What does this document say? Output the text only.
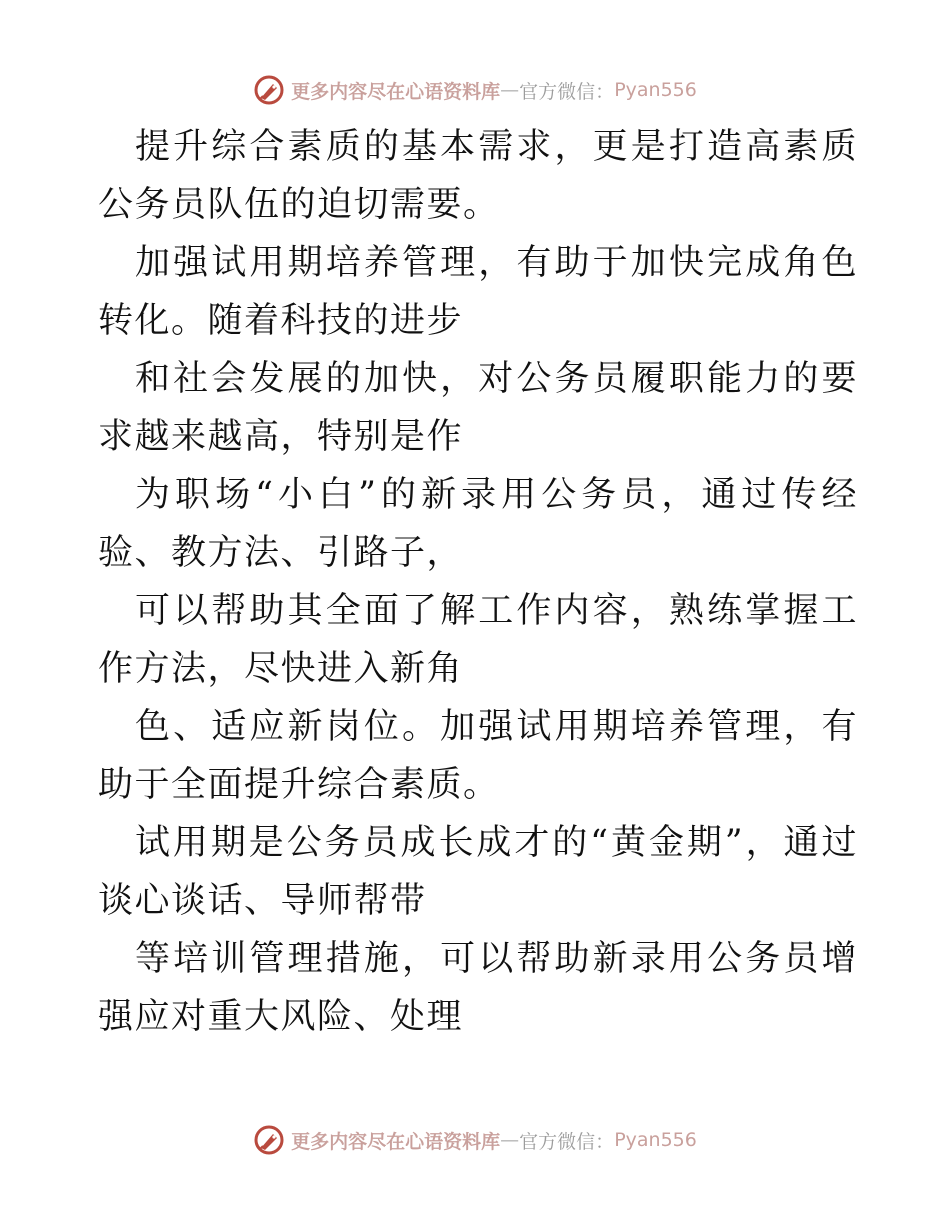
更多内容尽在心语资料库 — 官方微信： Pyan556

提升综合素质的基本需求，更是打造高素质公务员队伍的迫切需要。

加强试用期培养管理，有助于加快完成角色转化。随着科技的进步

和社会发展的加快，对公务员履职能力的要求越来越高，特别是作

为职场“小白”的新录用公务员，通过传经验、教方法、引路子，

可以帮助其全面了解工作内容，熟练掌握工作方法，尽快进入新角

色、适应新岗位。加强试用期培养管理，有助于全面提升综合素质。

试用期是公务员成长成才的“黄金期”，通过谈心谈话、导师帮带

等培训管理措施，可以帮助新录用公务员增强应对重大风险、处理

更多内容尽在心语资料库 — 官方微信： Pyan556
